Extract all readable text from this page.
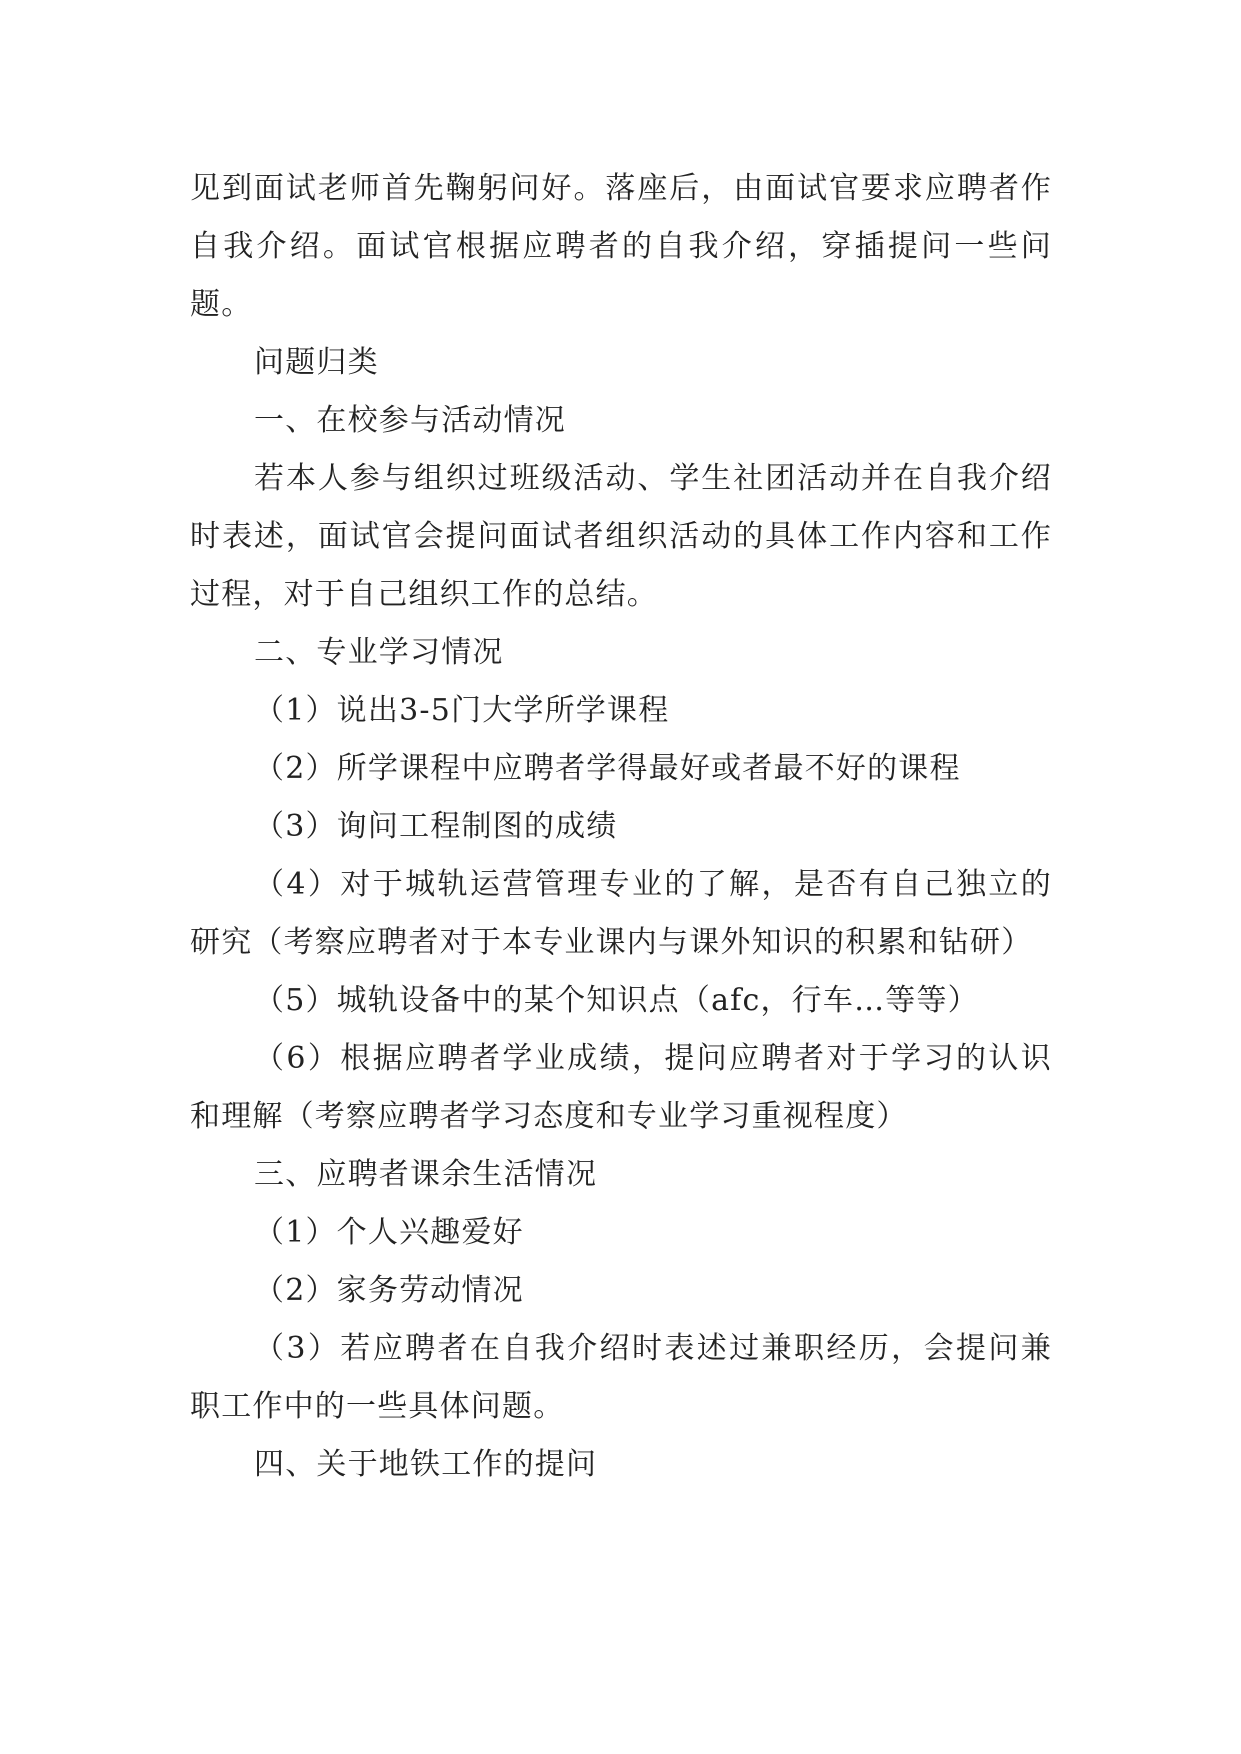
见到面试老师首先鞠躬问好。落座后，由面试官要求应聘者作自我介绍。面试官根据应聘者的自我介绍，穿插提问一些问题。

问题归类

一、在校参与活动情况

若本人参与组织过班级活动、学生社团活动并在自我介绍时表述，面试官会提问面试者组织活动的具体工作内容和工作过程，对于自己组织工作的总结。

二、专业学习情况

（1）说出3-5门大学所学课程

（2）所学课程中应聘者学得最好或者最不好的课程

（3）询问工程制图的成绩

（4）对于城轨运营管理专业的了解，是否有自己独立的研究（考察应聘者对于本专业课内与课外知识的积累和钻研）

（5）城轨设备中的某个知识点（afc，行车…等等）

（6）根据应聘者学业成绩，提问应聘者对于学习的认识和理解（考察应聘者学习态度和专业学习重视程度）

三、应聘者课余生活情况

（1）个人兴趣爱好

（2）家务劳动情况

（3）若应聘者在自我介绍时表述过兼职经历，会提问兼职工作中的一些具体问题。

四、关于地铁工作的提问
